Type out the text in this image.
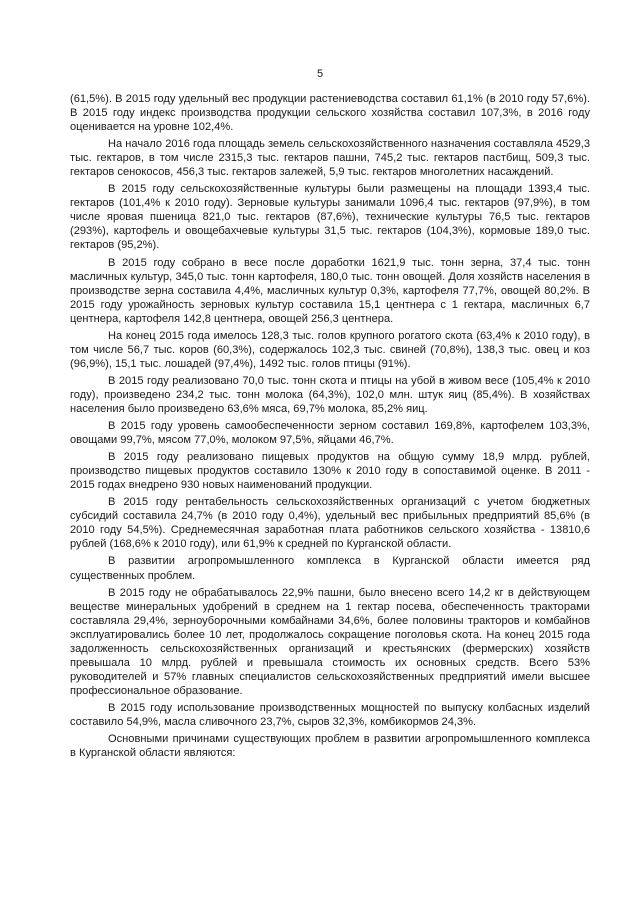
5

(61,5%). В 2015 году удельный вес продукции растениеводства составил 61,1% (в 2010 году 57,6%). В 2015 году индекс производства продукции сельского хозяйства составил 107,3%, в 2016 году оценивается на уровне 102,4%.

На начало 2016 года площадь земель сельскохозяйственного назначения составляла 4529,3 тыс. гектаров, в том числе 2315,3 тыс. гектаров пашни, 745,2 тыс. гектаров пастбищ, 509,3 тыс. гектаров сенокосов, 456,3 тыс. гектаров залежей, 5,9 тыс. гектаров многолетних насаждений.

В 2015 году сельскохозяйственные культуры были размещены на площади 1393,4 тыс. гектаров (101,4% к 2010 году). Зерновые культуры занимали 1096,4 тыс. гектаров (97,9%), в том числе яровая пшеница 821,0 тыс. гектаров (87,6%), технические культуры 76,5 тыс. гектаров (293%), картофель и овощебахчевые культуры 31,5 тыс. гектаров (104,3%), кормовые 189,0 тыс. гектаров (95,2%).

В 2015 году собрано в весе после доработки 1621,9 тыс. тонн зерна, 37,4 тыс. тонн масличных культур, 345,0 тыс. тонн картофеля, 180,0 тыс. тонн овощей. Доля хозяйств населения в производстве зерна составила 4,4%, масличных культур 0,3%, картофеля 77,7%, овощей 80,2%. В 2015 году урожайность зерновых культур составила 15,1 центнера с 1 гектара, масличных 6,7 центнера, картофеля 142,8 центнера, овощей 256,3 центнера.

На конец 2015 года имелось 128,3 тыс. голов крупного рогатого скота (63,4% к 2010 году), в том числе 56,7 тыс. коров (60,3%), содержалось 102,3 тыс. свиней (70,8%), 138,3 тыс. овец и коз (96,9%), 15,1 тыс. лошадей (97,4%), 1492 тыс. голов птицы (91%).

В 2015 году реализовано 70,0 тыс. тонн скота и птицы на убой в живом весе (105,4% к 2010 году), произведено 234,2 тыс. тонн молока (64,3%), 102,0 млн. штук яиц (85,4%). В хозяйствах населения было произведено 63,6% мяса, 69,7% молока, 85,2% яиц.

В 2015 году уровень самообеспеченности зерном составил 169,8%, картофелем 103,3%, овощами 99,7%, мясом 77,0%, молоком 97,5%, яйцами 46,7%.

В 2015 году реализовано пищевых продуктов на общую сумму 18,9 млрд. рублей, производство пищевых продуктов составило 130% к 2010 году в сопоставимой оценке. В 2011 - 2015 годах внедрено 930 новых наименований продукции.

В 2015 году рентабельность сельскохозяйственных организаций с учетом бюджетных субсидий составила 24,7% (в 2010 году 0,4%), удельный вес прибыльных предприятий 85,6% (в 2010 году 54,5%). Среднемесячная заработная плата работников сельского хозяйства - 13810,6 рублей (168,6% к 2010 году), или 61,9% к средней по Курганской области.

В развитии агропромышленного комплекса в Курганской области имеется ряд существенных проблем.

В 2015 году не обрабатывалось 22,9% пашни, было внесено всего 14,2 кг в действующем веществе минеральных удобрений в среднем на 1 гектар посева, обеспеченность тракторами составляла 29,4%, зерноуборочными комбайнами 34,6%, более половины тракторов и комбайнов эксплуатировались более 10 лет, продолжалось сокращение поголовья скота. На конец 2015 года задолженность сельскохозяйственных организаций и крестьянских (фермерских) хозяйств превышала 10 млрд. рублей и превышала стоимость их основных средств. Всего 53% руководителей и 57% главных специалистов сельскохозяйственных предприятий имели высшее профессиональное образование.

В 2015 году использование производственных мощностей по выпуску колбасных изделий составило 54,9%, масла сливочного 23,7%, сыров 32,3%, комбикормов 24,3%.

Основными причинами существующих проблем в развитии агропромышленного комплекса в Курганской области являются:
